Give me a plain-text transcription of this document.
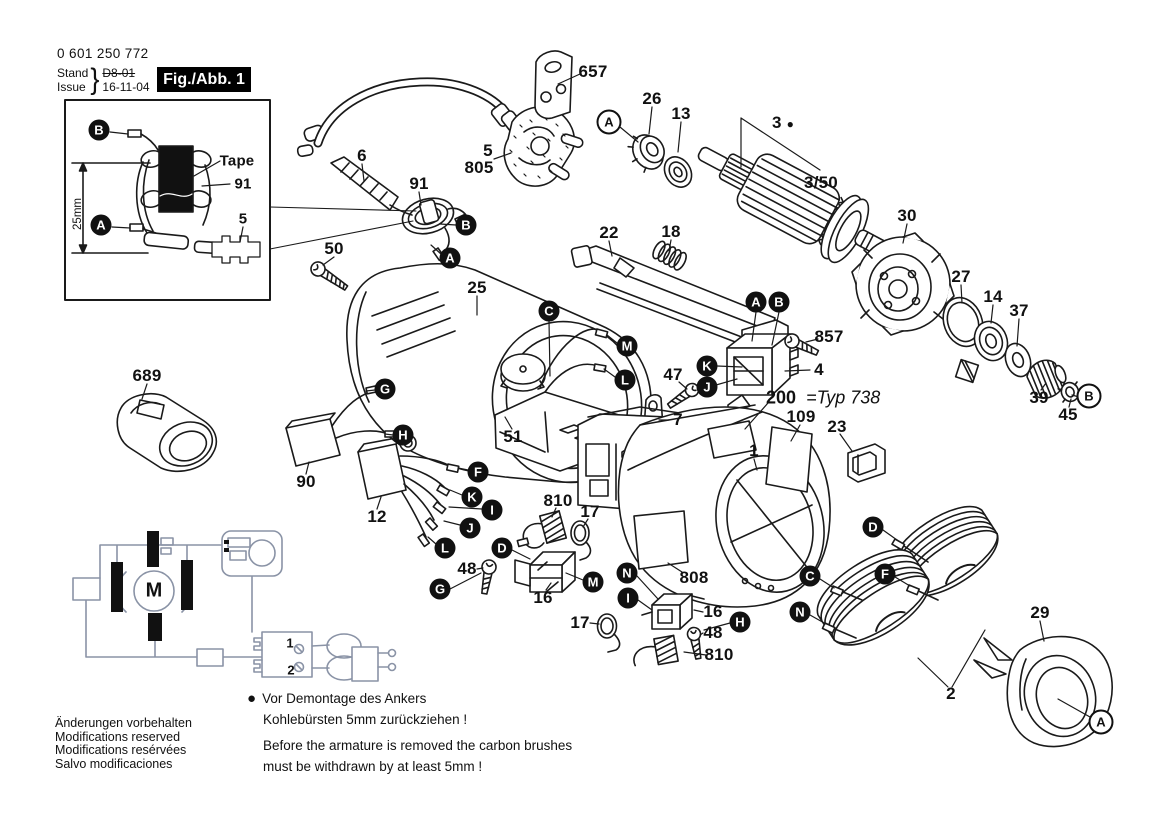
0 601 250 772
Stand
Issue } D8-01
16-11-04 Fig./Abb. 1
B
A
Tape
91
5
25mm
657
6	5
805
91
26
13	3 ●
3/50
30
27
14
37
39
45
22	18
50
25
857
4
47
7	109
23
1
689
90
51
12
810
17
16
48	808
16
17
48
810
2
29
200 =Typ 738
B
A
A	B
C
M
L
K
J
G
H
F
K
I
J
L	D
M
G
N
I
H
D
C	F
N
A
B
A
M
1
2
● Vor Demontage des Ankers
Kohlebürsten 5mm zurückziehen !
Before the armature is removed the carbon brushes
must be withdrawn by at least 5mm !
Änderungen vorbehalten
Modifications reserved
Modifications resérvées
Salvo modificaciones
